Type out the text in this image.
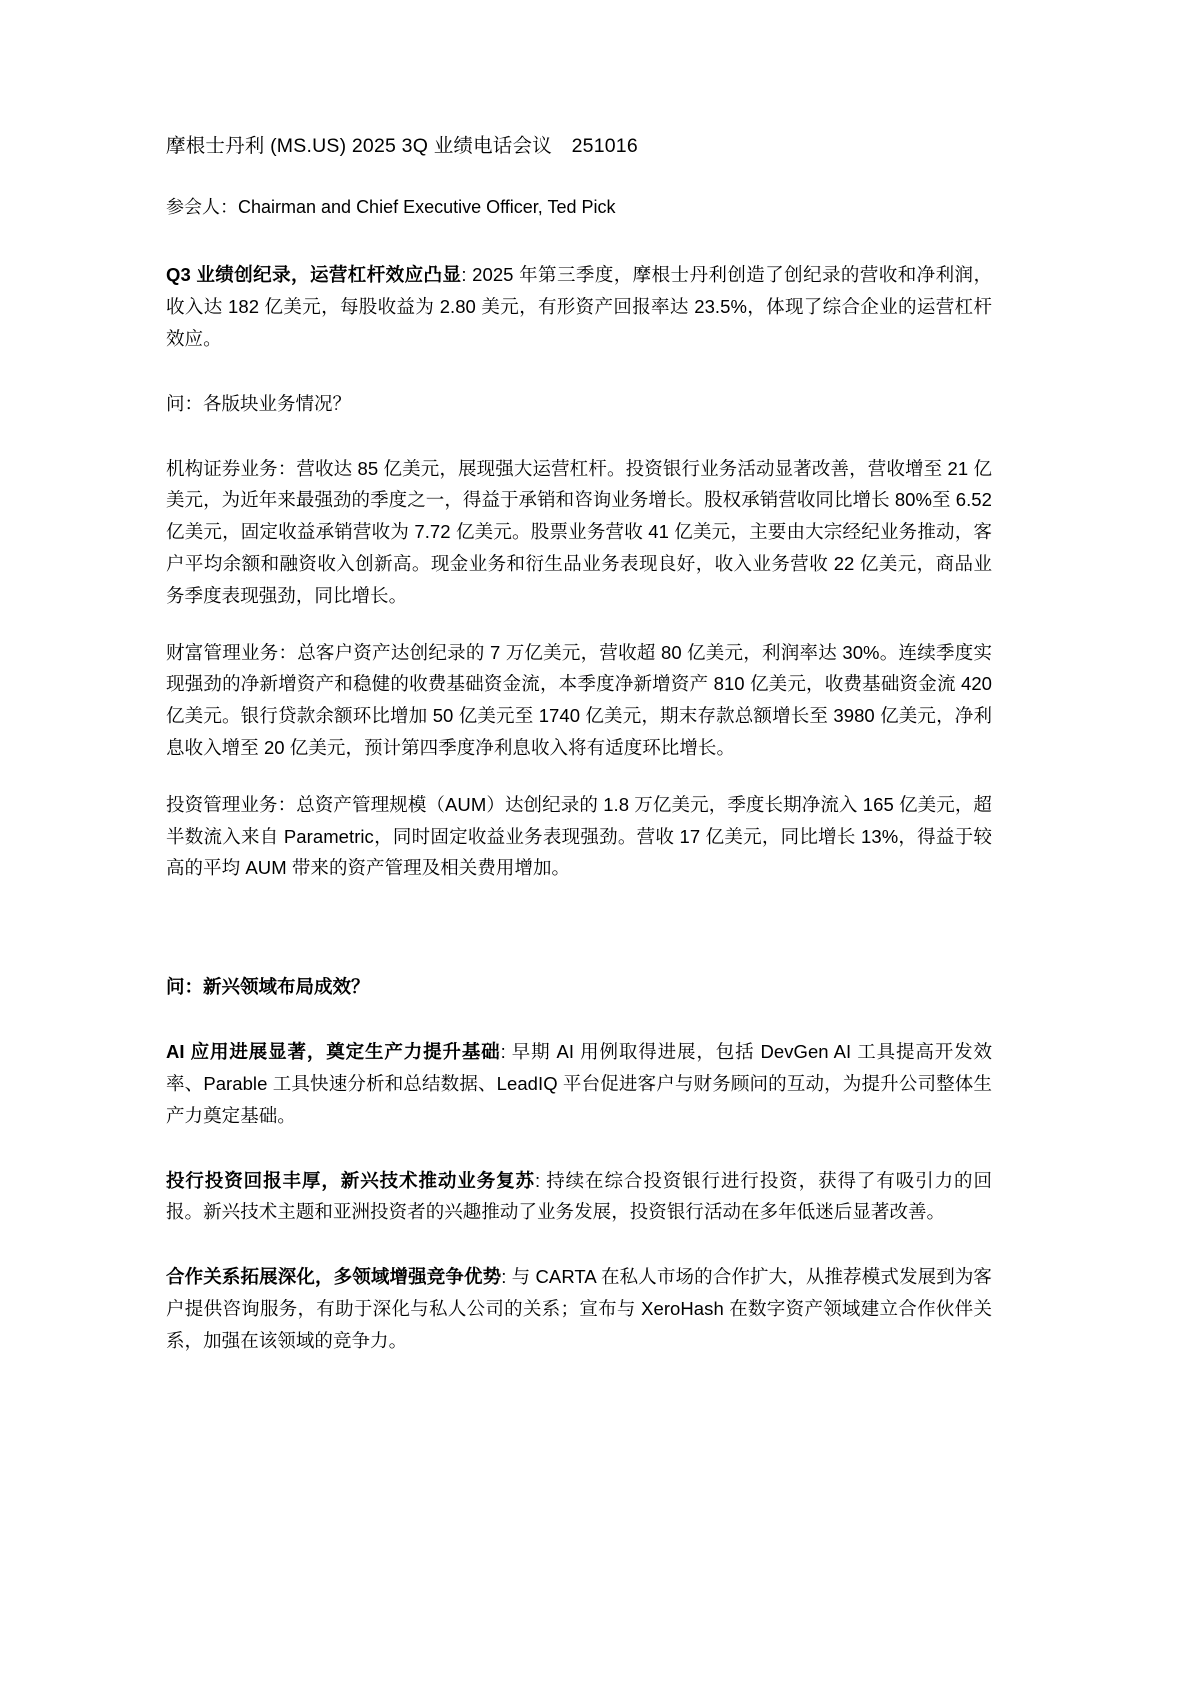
摩根士丹利 (MS.US) 2025 3Q 业绩电话会议　251016

参会人：Chairman and Chief Executive Officer, Ted Pick

Q3 业绩创纪录，运营杠杆效应凸显: 2025 年第三季度，摩根士丹利创造了创纪录的营收和净利润，收入达 182 亿美元，每股收益为 2.80 美元，有形资产回报率达 23.5%，体现了综合企业的运营杠杆效应。

问：各版块业务情况？

机构证券业务：营收达 85 亿美元，展现强大运营杠杆。投资银行业务活动显著改善，营收增至 21 亿美元，为近年来最强劲的季度之一，得益于承销和咨询业务增长。股权承销营收同比增长 80%至 6.52 亿美元，固定收益承销营收为 7.72 亿美元。股票业务营收 41 亿美元，主要由大宗经纪业务推动，客户平均余额和融资收入创新高。现金业务和衍生品业务表现良好，收入业务营收 22 亿美元，商品业务季度表现强劲，同比增长。

财富管理业务：总客户资产达创纪录的 7 万亿美元，营收超 80 亿美元，利润率达 30%。连续季度实现强劲的净新增资产和稳健的收费基础资金流，本季度净新增资产 810 亿美元，收费基础资金流 420 亿美元。银行贷款余额环比增加 50 亿美元至 1740 亿美元，期末存款总额增长至 3980 亿美元，净利息收入增至 20 亿美元，预计第四季度净利息收入将有适度环比增长。

投资管理业务：总资产管理规模（AUM）达创纪录的 1.8 万亿美元，季度长期净流入 165 亿美元，超半数流入来自 Parametric，同时固定收益业务表现强劲。营收 17 亿美元，同比增长 13%，得益于较高的平均 AUM 带来的资产管理及相关费用增加。

问：新兴领域布局成效？

AI 应用进展显著，奠定生产力提升基础: 早期 AI 用例取得进展，包括 DevGen AI 工具提高开发效率、Parable 工具快速分析和总结数据、LeadIQ 平台促进客户与财务顾问的互动，为提升公司整体生产力奠定基础。

投行投资回报丰厚，新兴技术推动业务复苏: 持续在综合投资银行进行投资，获得了有吸引力的回报。新兴技术主题和亚洲投资者的兴趣推动了业务发展，投资银行活动在多年低迷后显著改善。

合作关系拓展深化，多领域增强竞争优势: 与 CARTA 在私人市场的合作扩大，从推荐模式发展到为客户提供咨询服务，有助于深化与私人公司的关系；宣布与 XeroHash 在数字资产领域建立合作伙伴关系，加强在该领域的竞争力。
